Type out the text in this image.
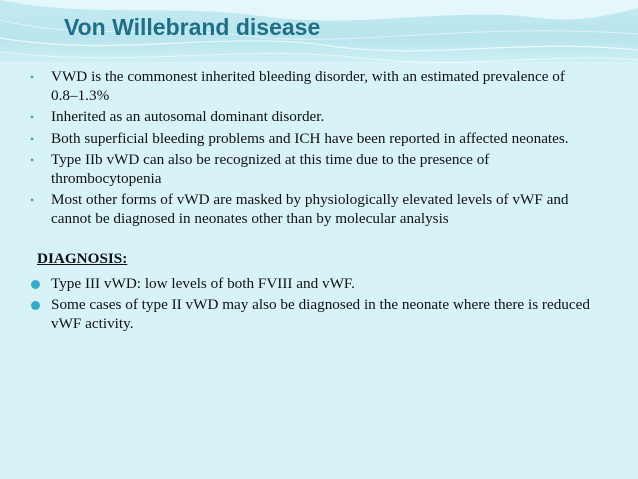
Von Willebrand disease
• VWD is the commonest inherited bleeding disorder, with an estimated prevalence of 0.8–1.3%
• Inherited as an autosomal dominant disorder.
• Both superficial bleeding problems and ICH have been reported in affected neonates.
• Type IIb vWD can also be recognized at this time due to the presence of thrombocytopenia
• Most other forms of vWD are masked by physiologically elevated levels of vWF and cannot be diagnosed in neonates other than by molecular analysis
DIAGNOSIS:
Type III vWD: low levels of both FVIII and vWF.
Some cases of type II vWD may also be diagnosed in the neonate where there is reduced vWF activity.
